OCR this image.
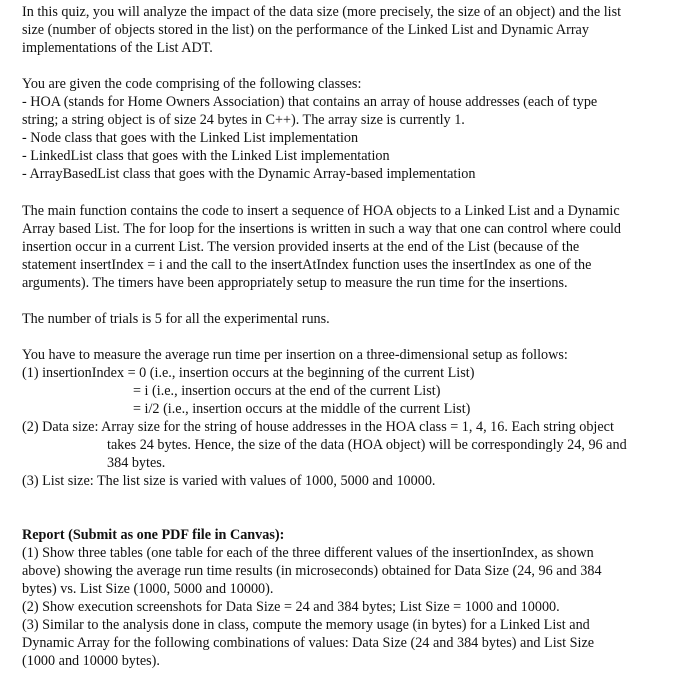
In this quiz, you will analyze the impact of the data size (more precisely, the size of an object) and the list
size (number of objects stored in the list) on the performance of the Linked List and Dynamic Array
implementations of the List ADT.
You are given the code comprising of the following classes:
- HOA (stands for Home Owners Association) that contains an array of house addresses (each of type
string; a string object is of size 24 bytes in C++). The array size is currently 1.
- Node class that goes with the Linked List implementation
- LinkedList class that goes with the Linked List implementation
- ArrayBasedList class that goes with the Dynamic Array-based implementation
The main function contains the code to insert a sequence of HOA objects to a Linked List and a Dynamic
Array based List. The for loop for the insertions is written in such a way that one can control where could
insertion occur in a current List. The version provided inserts at the end of the List (because of the
statement insertIndex = i and the call to the insertAtIndex function uses the insertIndex as one of the
arguments). The timers have been appropriately setup to measure the run time for the insertions.
The number of trials is 5 for all the experimental runs.
You have to measure the average run time per insertion on a three-dimensional setup as follows:
(1) insertionIndex = 0 (i.e., insertion occurs at the beginning of the current List)
= i (i.e., insertion occurs at the end of the current List)
= i/2 (i.e., insertion occurs at the middle of the current List)
(2) Data size: Array size for the string of house addresses in the HOA class = 1, 4, 16. Each string object
takes 24 bytes. Hence, the size of the data (HOA object) will be correspondingly 24, 96 and
384 bytes.
(3) List size: The list size is varied with values of 1000, 5000 and 10000.
Report (Submit as one PDF file in Canvas):
(1) Show three tables (one table for each of the three different values of the insertionIndex, as shown
above) showing the average run time results (in microseconds) obtained for Data Size (24, 96 and 384
bytes) vs. List Size (1000, 5000 and 10000).
(2) Show execution screenshots for Data Size = 24 and 384 bytes; List Size = 1000 and 10000.
(3) Similar to the analysis done in class, compute the memory usage (in bytes) for a Linked List and
Dynamic Array for the following combinations of values: Data Size (24 and 384 bytes) and List Size
(1000 and 10000 bytes).
